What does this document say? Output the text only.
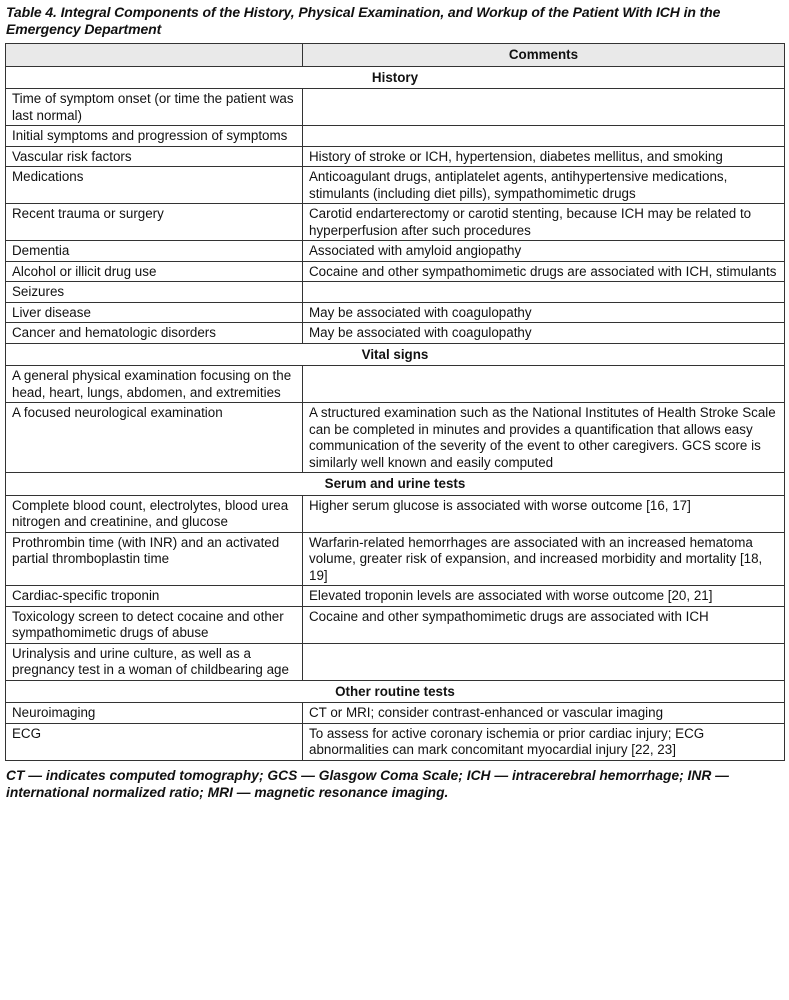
Table 4. Integral Components of the History, Physical Examination, and Workup of the Patient With ICH in the Emergency Department
	Comments
History	
Time of symptom onset (or time the patient was last normal)	
Initial symptoms and progression of symptoms	
Vascular risk factors	History of stroke or ICH, hypertension, diabetes mellitus, and smoking
Medications	Anticoagulant drugs, antiplatelet agents, antihypertensive medications, stimulants (including diet pills), sympathomimetic drugs
Recent trauma or surgery	Carotid endarterectomy or carotid stenting, because ICH may be related to hyperperfusion after such procedures
Dementia	Associated with amyloid angiopathy
Alcohol or illicit drug use	Cocaine and other sympathomimetic drugs are associated with ICH, stimulants
Seizures	
Liver disease	May be associated with coagulopathy
Cancer and hematologic disorders	May be associated with coagulopathy
Vital signs	
A general physical examination focusing on the head, heart, lungs, abdomen, and extremities	
A focused neurological examination	A structured examination such as the National Institutes of Health Stroke Scale can be completed in minutes and provides a quantification that allows easy communication of the severity of the event to other caregivers. GCS score is similarly well known and easily computed
Serum and urine tests	
Complete blood count, electrolytes, blood urea nitrogen and creatinine, and glucose	Higher serum glucose is associated with worse outcome [16, 17]
Prothrombin time (with INR) and an activated partial thromboplastin time	Warfarin-related hemorrhages are associated with an increased hematoma volume, greater risk of expansion, and increased morbidity and mortality [18, 19]
Cardiac-specific troponin	Elevated troponin levels are associated with worse outcome [20, 21]
Toxicology screen to detect cocaine and other sympathomimetic drugs of abuse	Cocaine and other sympathomimetic drugs are associated with ICH
Urinalysis and urine culture, as well as a pregnancy test in a woman of childbearing age	
Other routine tests	
Neuroimaging	CT or MRI; consider contrast-enhanced or vascular imaging
ECG	To assess for active coronary ischemia or prior cardiac injury; ECG abnormalities can mark concomitant myocardial injury [22, 23]
CT — indicates computed tomography; GCS — Glasgow Coma Scale; ICH — intracerebral hemorrhage; INR — international normalized ratio; MRI — magnetic resonance imaging.
